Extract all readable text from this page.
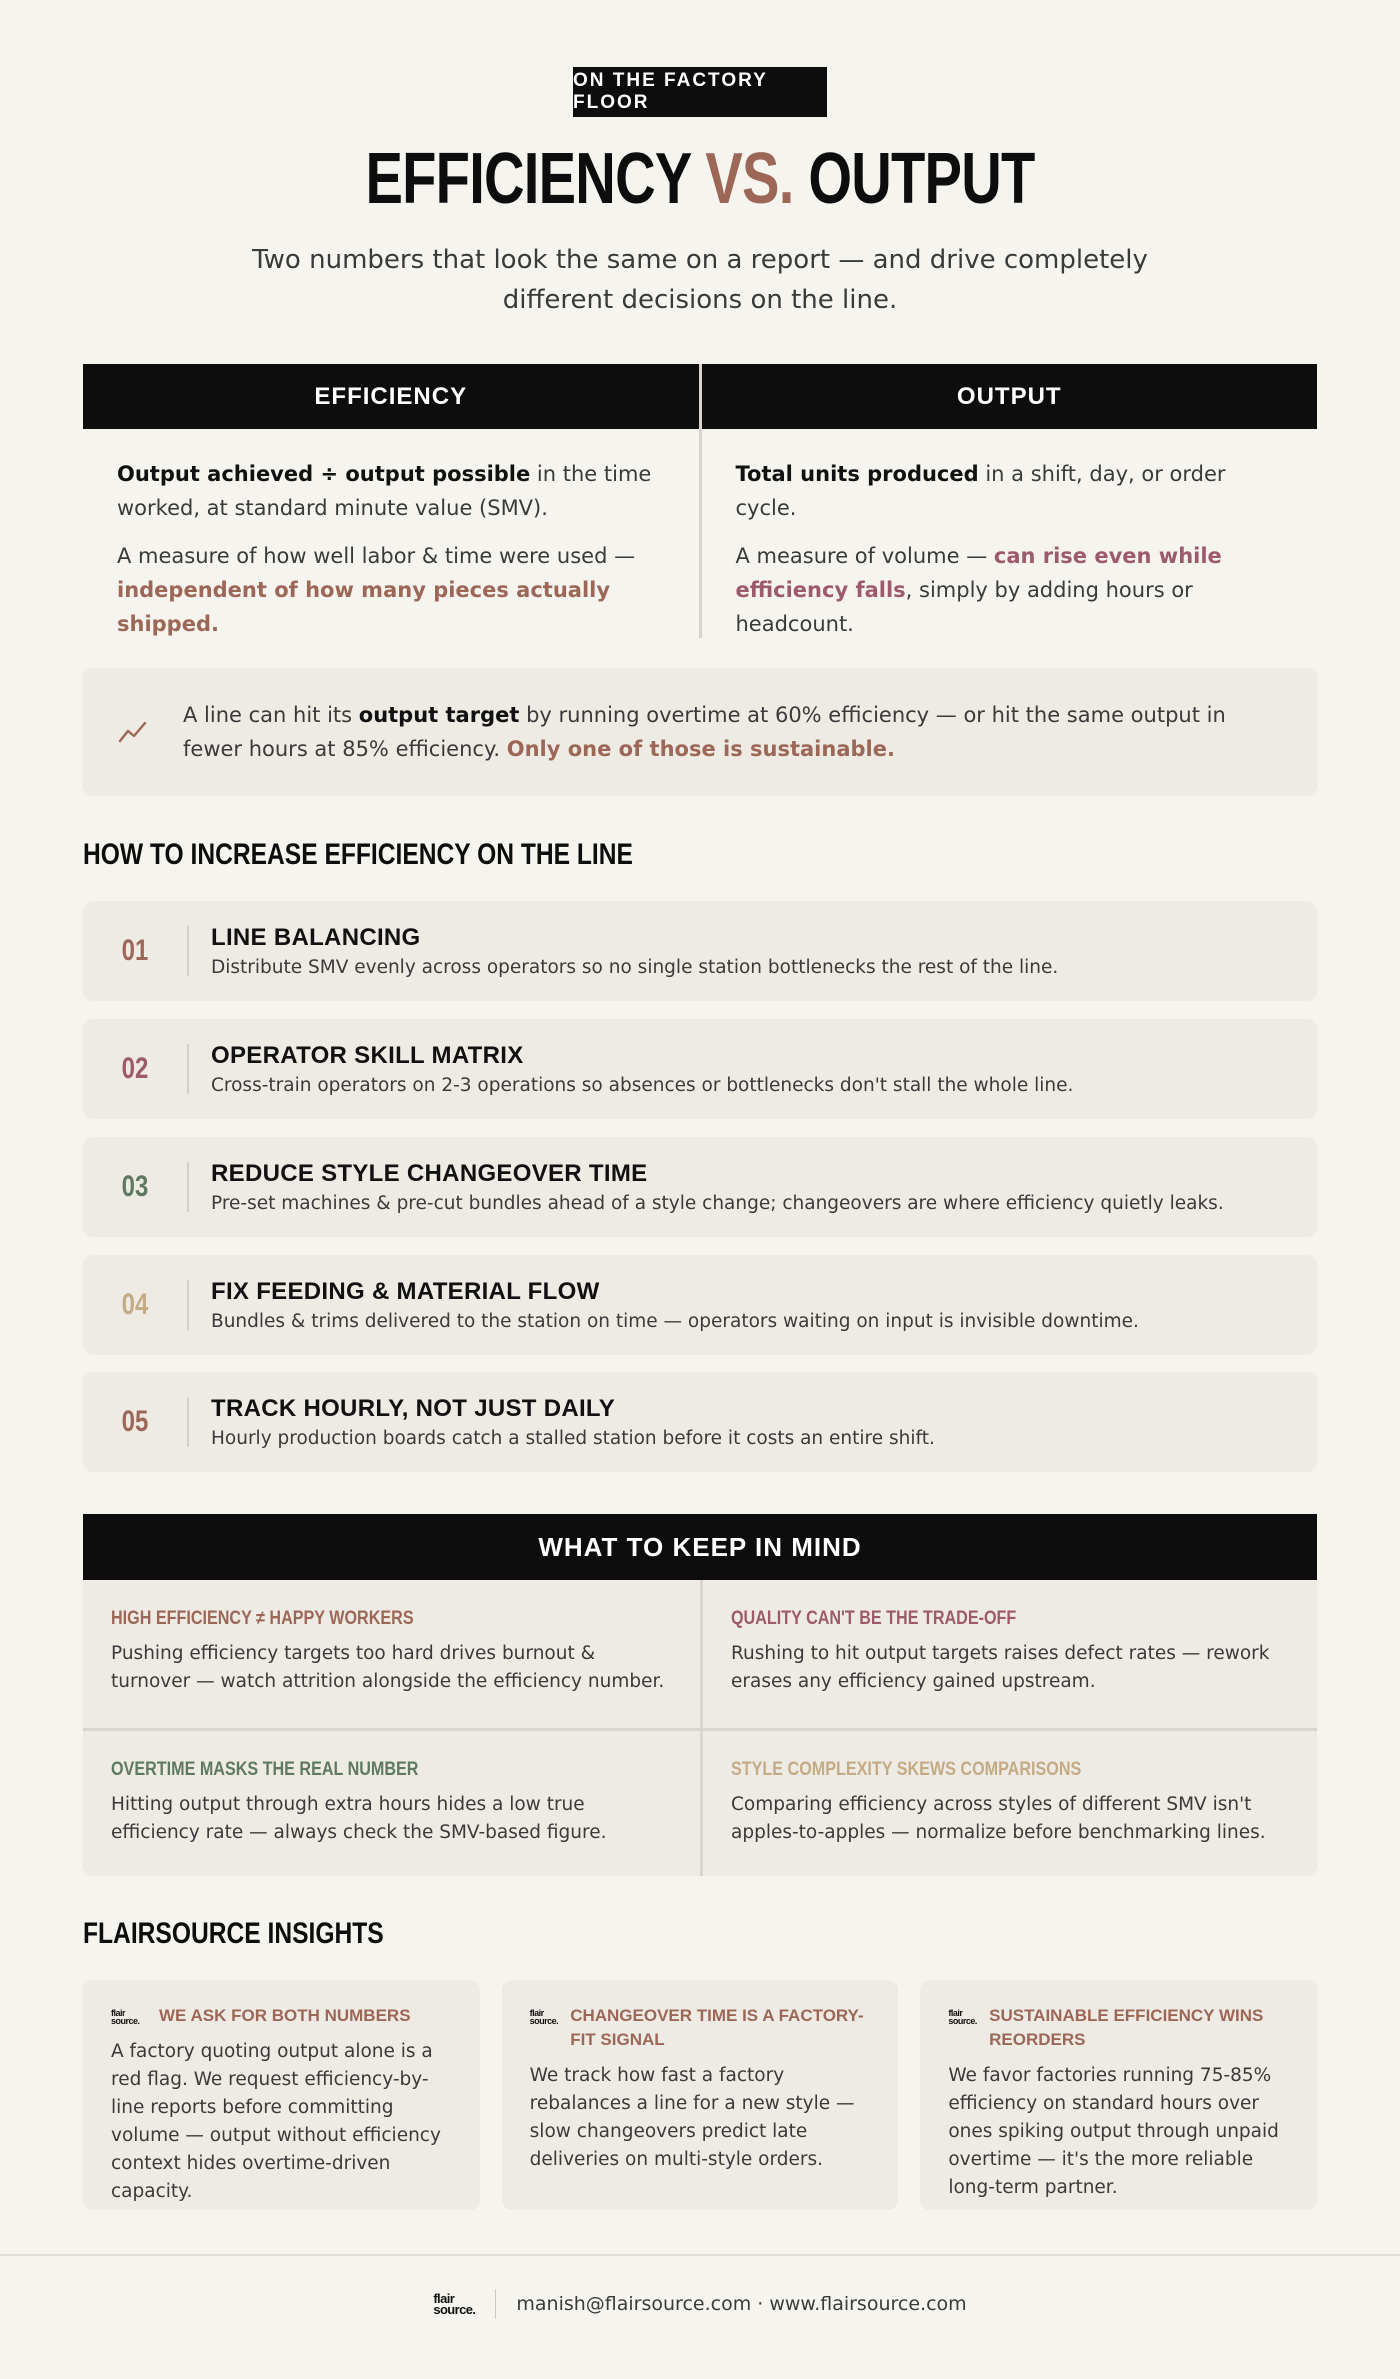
ON THE FACTORY FLOOR
EFFICIENCY VS. OUTPUT
Two numbers that look the same on a report — and drive completely different decisions on the line.
EFFICIENCY

Output achieved ÷ output possible in the time worked, at standard minute value (SMV).

A measure of how well labor & time were used — independent of how many pieces actually shipped.

OUTPUT

Total units produced in a shift, day, or order cycle.

A measure of volume — can rise even while efficiency falls, simply by adding hours or headcount.

A line can hit its output target by running overtime at 60% efficiency — or hit the same output in fewer hours at 85% efficiency. Only one of those is sustainable.
HOW TO INCREASE EFFICIENCY ON THE LINE
01	LINE BALANCING
Distribute SMV evenly across operators so no single station bottlenecks the rest of the line.
02	OPERATOR SKILL MATRIX
Cross-train operators on 2-3 operations so absences or bottlenecks don't stall the whole line.
03	REDUCE STYLE CHANGEOVER TIME
Pre-set machines & pre-cut bundles ahead of a style change; changeovers are where efficiency quietly leaks.
04	FIX FEEDING & MATERIAL FLOW
Bundles & trims delivered to the station on time — operators waiting on input is invisible downtime.
05	TRACK HOURLY, NOT JUST DAILY
Hourly production boards catch a stalled station before it costs an entire shift.
WHAT TO KEEP IN MIND
HIGH EFFICIENCY ≠ HAPPY WORKERS
Pushing efficiency targets too hard drives burnout & turnover — watch attrition alongside the efficiency number.
QUALITY CAN'T BE THE TRADE-OFF
Rushing to hit output targets raises defect rates — rework erases any efficiency gained upstream.
OVERTIME MASKS THE REAL NUMBER
Hitting output through extra hours hides a low true efficiency rate — always check the SMV-based figure.
STYLE COMPLEXITY SKEWS COMPARISONS
Comparing efficiency across styles of different SMV isn't apples-to-apples — normalize before benchmarking lines.
FLAIRSOURCE INSIGHTS
flair
source.	WE ASK FOR BOTH NUMBERS
A factory quoting output alone is a red flag. We request efficiency-by-line reports before committing volume — output without efficiency context hides overtime-driven capacity.
flair
source. CHANGEOVER TIME IS A FACTORY-FIT SIGNAL
We track how fast a factory rebalances a line for a new style — slow changeovers predict late deliveries on multi-style orders.
flair
source. SUSTAINABLE EFFICIENCY WINS REORDERS
We favor factories running 75-85% efficiency on standard hours over ones spiking output through unpaid overtime — it's the more reliable long-term partner.
flair
source. manish@flairsource.com · www.flairsource.com
